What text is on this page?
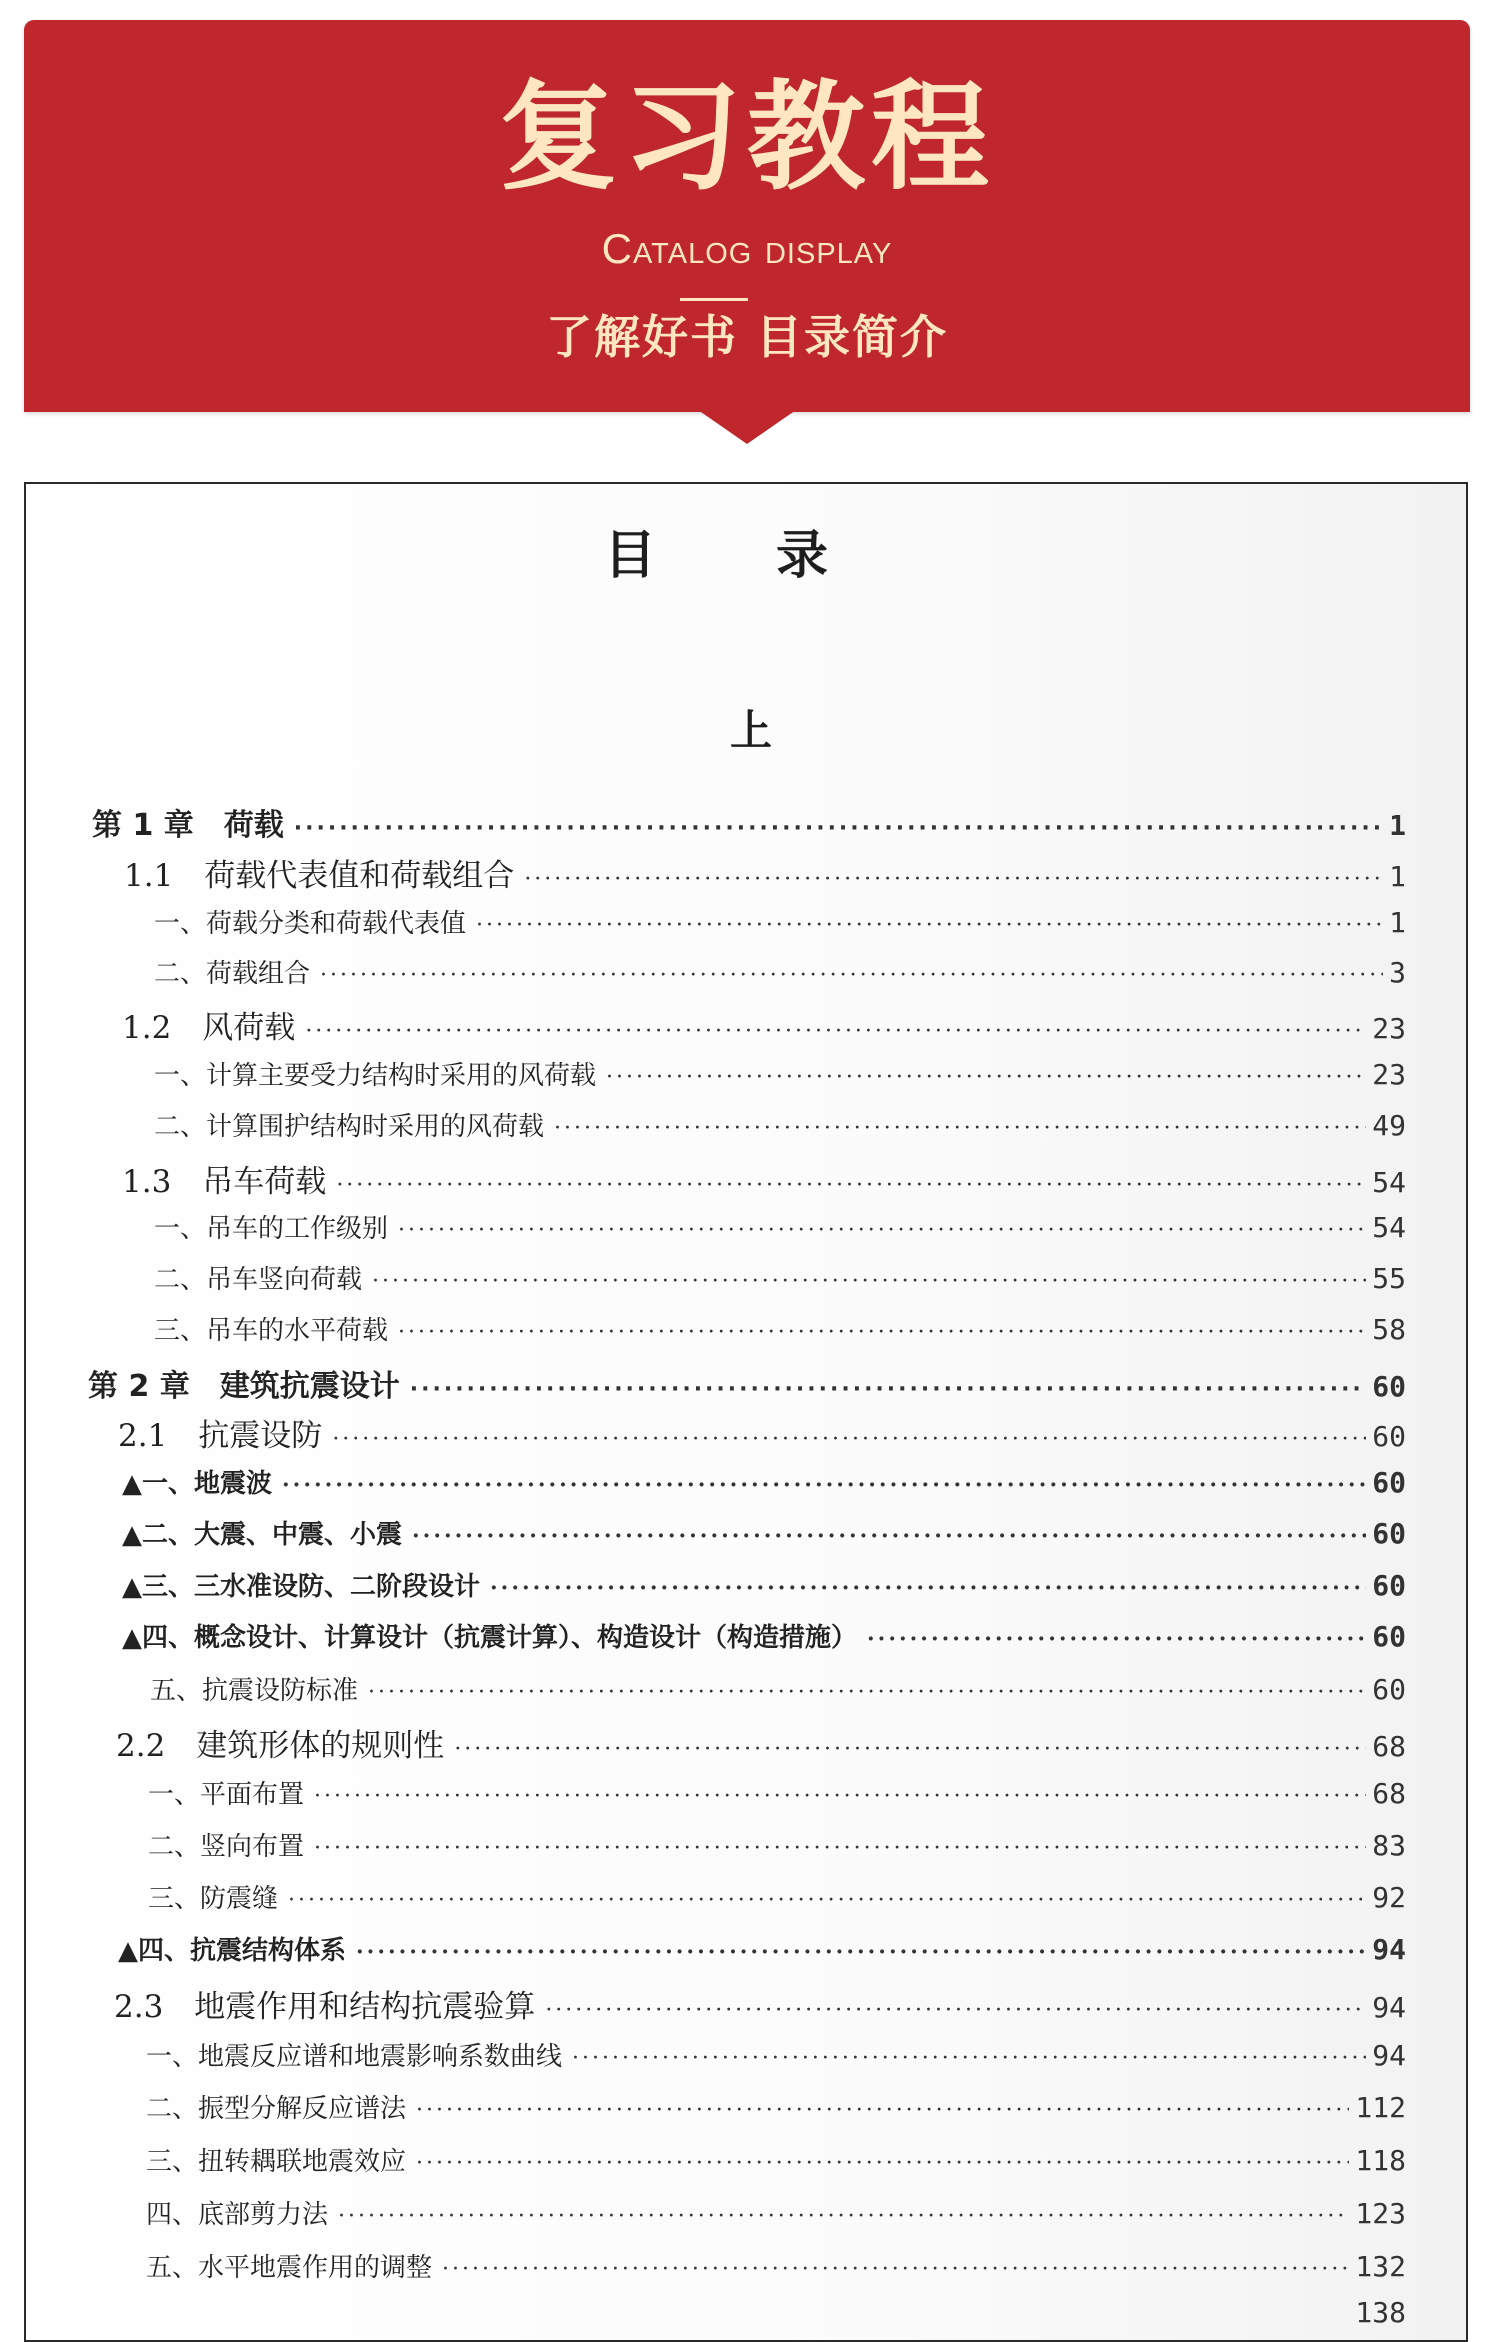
复习教程
Catalog display
了解好书 目录简介
目录
上
第 1 章　荷载 ·····	1
1.1　荷载代表值和荷载组合 ·····	1
一、荷载分类和荷载代表值 ·····	1
二、荷载组合 ·····	3
1.2　风荷载 ·····	23
一、计算主要受力结构时采用的风荷载 ·····	23
二、计算围护结构时采用的风荷载 ·····	49
1.3　吊车荷载 ·····	54
一、吊车的工作级别 ·····	54
二、吊车竖向荷载 ·····	55
三、吊车的水平荷载 ·····	58
第 2 章　建筑抗震设计 ·····	60
2.1　抗震设防 ·····	60
▲一、地震波 ·····	60
▲二、大震、中震、小震 ·····	60
▲三、三水准设防、二阶段设计 ·····	60
▲四、概念设计、计算设计（抗震计算）、构造设计（构造措施） ·····	60
五、抗震设防标准 ·····	60
2.2　建筑形体的规则性 ·····	68
一、平面布置 ·····	68
二、竖向布置 ·····	83
三、防震缝 ·····	92
▲四、抗震结构体系 ·····	94
2.3　地震作用和结构抗震验算 ·····	94
一、地震反应谱和地震影响系数曲线 ·····	94
二、振型分解反应谱法 ·····	112
三、扭转耦联地震效应 ·····	118
四、底部剪力法 ·····	123
五、水平地震作用的调整 ·····	132
138
